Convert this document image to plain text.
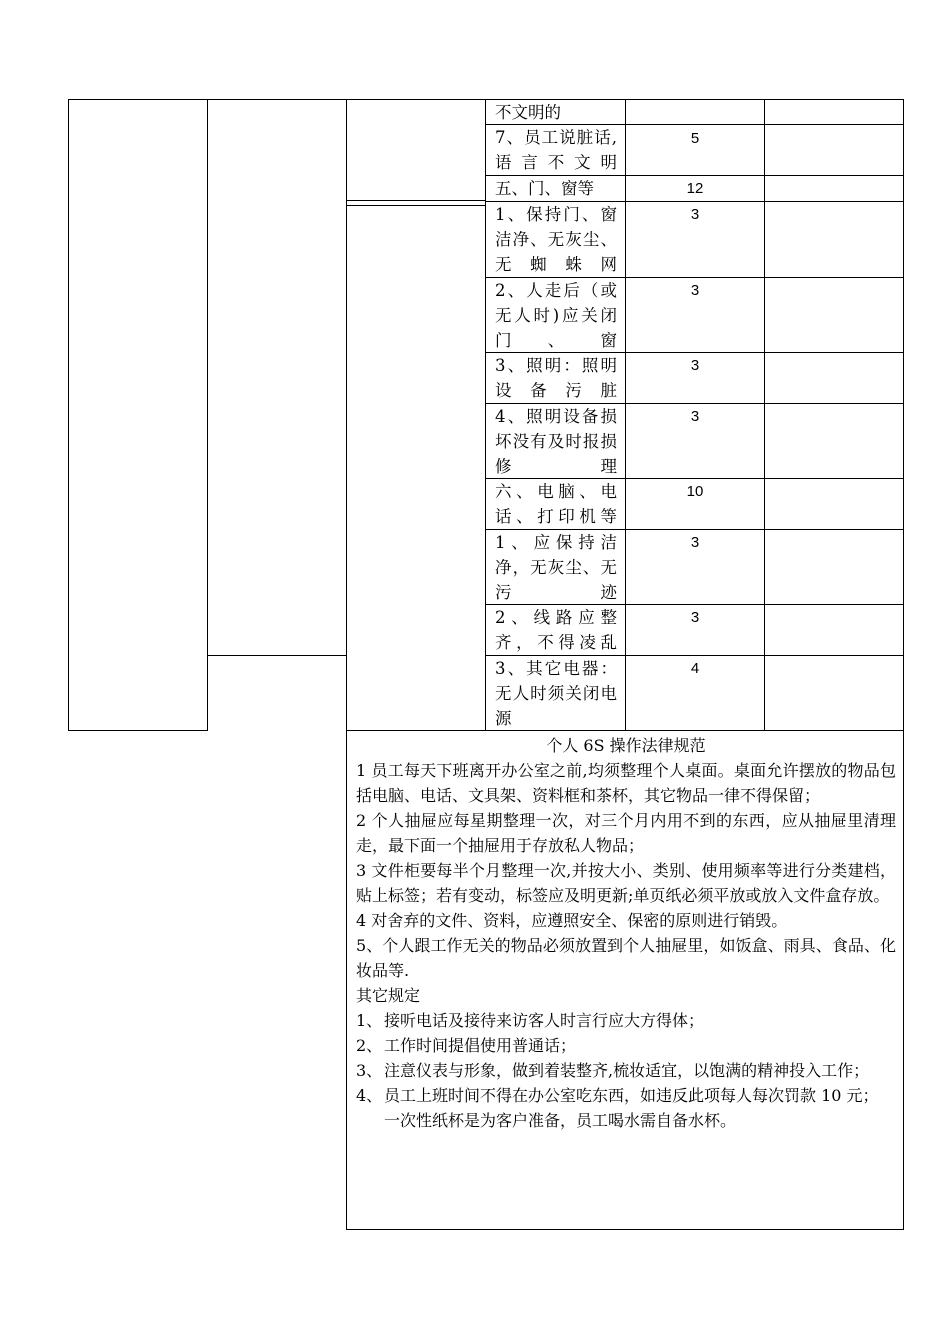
不文明的
7、员工说脏话,语言不文明
五、门、窗等
1、保持门、窗洁净、无灰尘、无蜘蛛网
2、人走后（或无人时)应关闭门、窗
3、照明：照明设备污脏
4、照明设备损坏没有及时报损修理
六、电脑、电话、打印机等
1、应保持洁净，无灰尘、无污迹
2、线路应整齐，不得凌乱
3、其它电器：无人时须关闭电源
5
12
3
3
3
3
10
3
3
4
个人 6S 操作法律规范
1 员工每天下班离开办公室之前,均须整理个人桌面。桌面允许摆放的物品包括电脑、电话、文具架、资料框和茶杯，其它物品一律不得保留；
2 个人抽屉应每星期整理一次，对三个月内用不到的东西，应从抽屉里清理走，最下面一个抽屉用于存放私人物品；
3 文件柜要每半个月整理一次,并按大小、类别、使用频率等进行分类建档，贴上标签；若有变动，标签应及明更新;单页纸必须平放或放入文件盒存放。
4 对舍弃的文件、资料，应遵照安全、保密的原则进行销毁。
5、个人跟工作无关的物品必须放置到个人抽屉里，如饭盒、雨具、食品、化妆品等.
其它规定
1、 接听电话及接待来访客人时言行应大方得体；
2、 工作时间提倡使用普通话；
3、 注意仪表与形象，做到着装整齐,梳妆适宜，以饱满的精神投入工作；
4、 员工上班时间不得在办公室吃东西，如违反此项每人每次罚款 10 元；
一次性纸杯是为客户准备，员工喝水需自备水杯。
